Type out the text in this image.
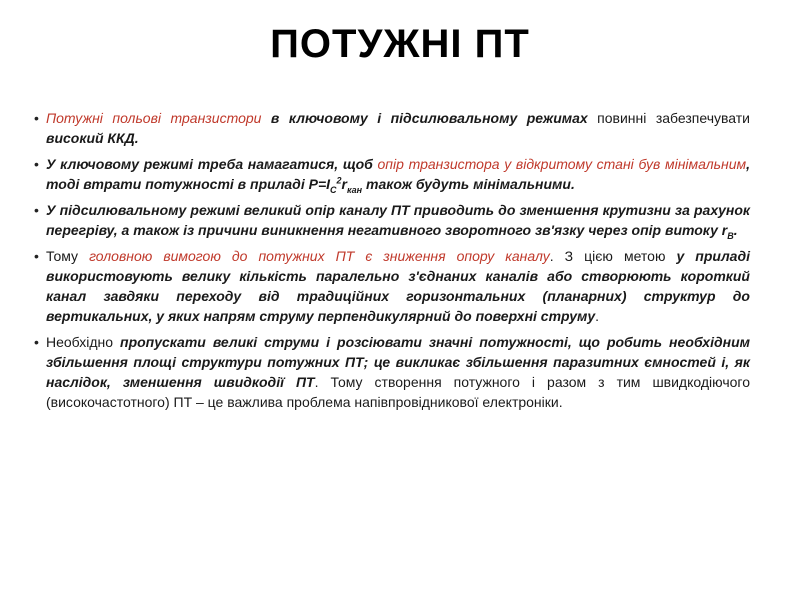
ПОТУЖНІ ПТ

• Потужні польові транзистори в ключовому і підсилювальному режимах повинні забезпечувати високий ККД.

• У ключовому режимі треба намагатися, щоб опір транзистора у відкритому стані був мінімальним, тоді втрати потужності в приладі $P=I_C^2r_{кан}$ також будуть мінімальними.

• У підсилювальному режимі великий опір каналу ПТ приводить до зменшення крутизни за рахунок перегріву, а також із причини виникнення негативного зворотного зв'язку через опір витоку $r_В$.

• Тому головною вимогою до потужних ПТ є зниження опору каналу. З цією метою у приладі використовують велику кількість паралельно з'єднаних каналів або створюють короткий канал завдяки переходу від традиційних горизонтальних (планарних) структур до вертикальних, у яких напрям струму перпендикулярний до поверхні струму.

• Необхідно пропускати великі струми і розсіювати значні потужності, що робить необхідним збільшення площі структури потужних ПТ; це викликає збільшення паразитних ємностей і, як наслідок, зменшення швидкодії ПТ. Тому створення потужного і разом з тим швидкодіючого (високочастотного) ПТ – це важлива проблема напівпровідникової електроніки.
